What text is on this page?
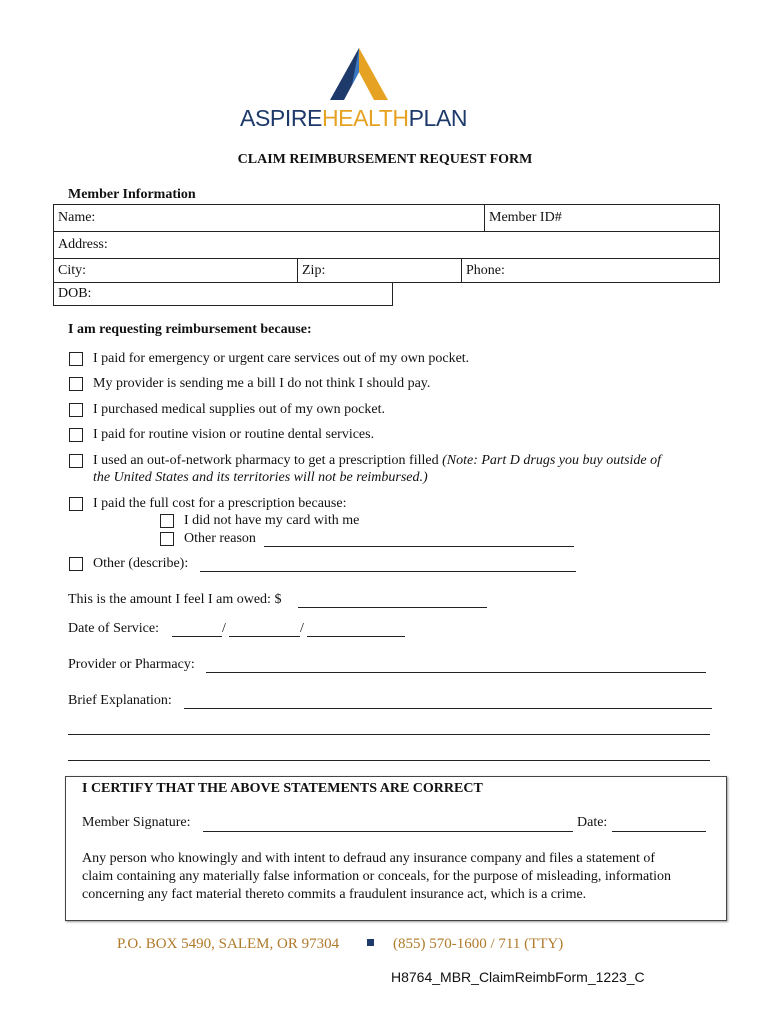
ASPIREHEALTHPLAN
CLAIM REIMBURSEMENT REQUEST FORM
Member Information
Name:	Member ID#
Address:
City:	Zip:	Phone:
DOB:
I am requesting reimbursement because:
I paid for emergency or urgent care services out of my own pocket.
My provider is sending me a bill I do not think I should pay.
I purchased medical supplies out of my own pocket.
I paid for routine vision or routine dental services.
I used an out-of-network pharmacy to get a prescription filled (Note: Part D drugs you buy outside of
the United States and its territories will not be reimbursed.)
I paid the full cost for a prescription because:
I did not have my card with me
Other reason
Other (describe):
This is the amount I feel I am owed: $
Date of Service:	/	/
Provider or Pharmacy:
Brief Explanation:
I CERTIFY THAT THE ABOVE STATEMENTS ARE CORRECT
Member Signature:	Date:
Any person who knowingly and with intent to defraud any insurance company and files a statement of
claim containing any materially false information or conceals, for the purpose of misleading, information
concerning any fact material thereto commits a fraudulent insurance act, which is a crime.
P.O. BOX 5490, SALEM, OR 97304	(855) 570-1600 / 711 (TTY)
H8764_MBR_ClaimReimbForm_1223_C
